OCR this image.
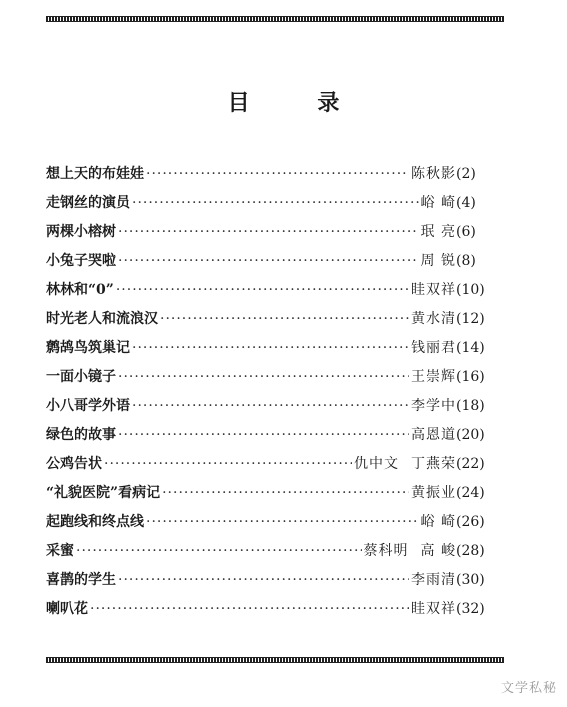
目 录
想上天的布娃娃 ·····	陈秋影 (2)
走钢丝的演员 ·····	峪 崎 (4)
两棵小榕树 ·····	珉 亮 (6)
小兔子哭啦 ·····	周 锐 (8)
林林和“0” ·····	眭双祥 (10)
时光老人和流浪汉 ·····	黄水清 (12)
鹩鸪鸟筑巢记 ·····	钱丽君 (14)
一面小镜子 ·····	王崇辉 (16)
小八哥学外语 ·····	李学中 (18)
绿色的故事 ·····	高恩道 (20)
公鸡告状 ·····	仇中文 丁燕荣 (22)
“礼貌医院”看病记 ·····	黄振业 (24)
起跑线和终点线 ·····	峪 崎 (26)
采蜜 ·····	蔡科明 高 峻 (28)
喜鹊的学生 ·····	李雨清 (30)
喇叭花 ·····	眭双祥 (32)
文学私秘
